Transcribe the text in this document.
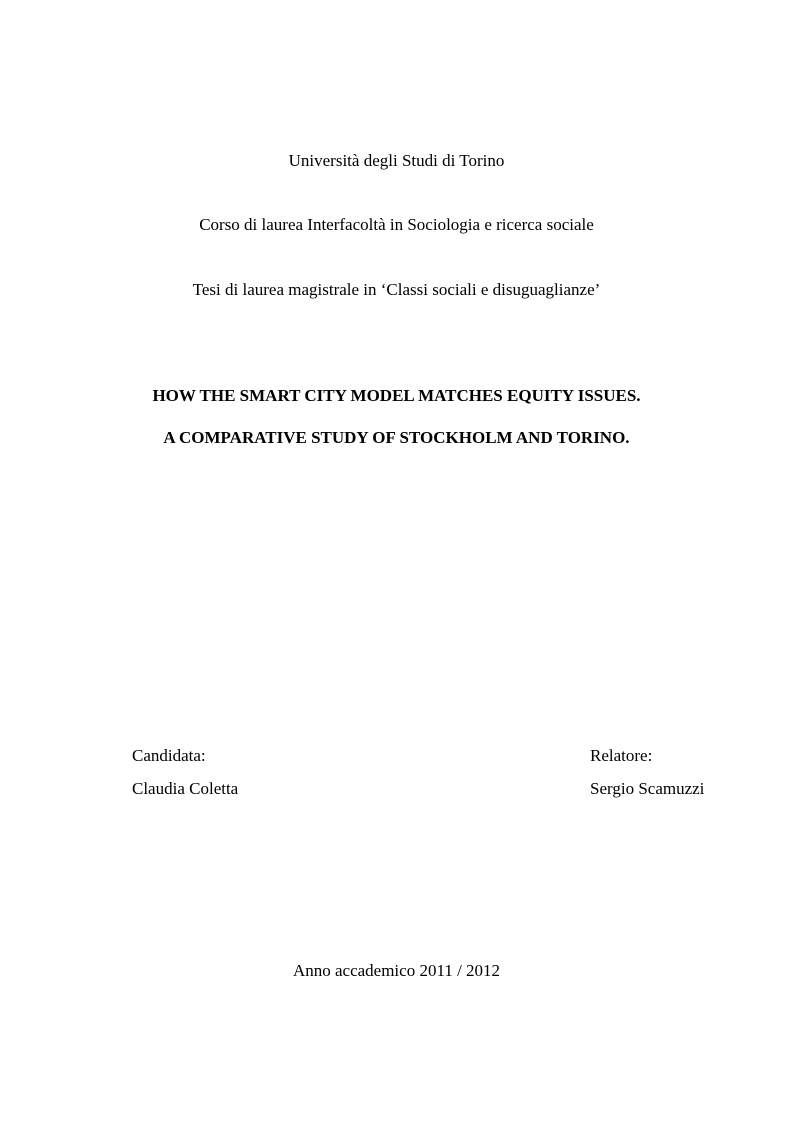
Università degli Studi di Torino
Corso di laurea Interfacoltà in Sociologia e ricerca sociale
Tesi di laurea magistrale in ‘Classi sociali e disuguaglianze’
HOW THE SMART CITY MODEL MATCHES EQUITY ISSUES.
A COMPARATIVE STUDY OF STOCKHOLM AND TORINO.
Candidata:
Claudia Coletta
Relatore:
Sergio Scamuzzi
Anno accademico 2011 / 2012
